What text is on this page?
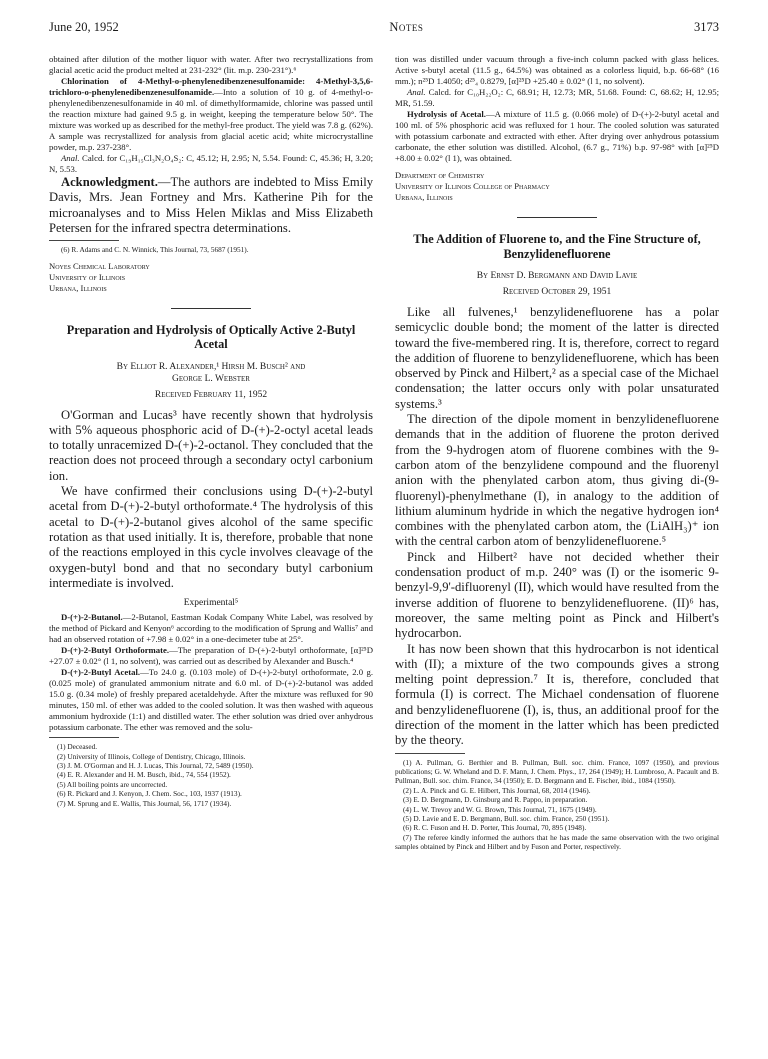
June 20, 1952	Notes	3173

obtained after dilution of the mother liquor with water. After two recrystallizations from glacial acetic acid the product melted at 231-232° (lit. m.p. 230-231°).⁶

Chlorination of 4-Methyl-o-phenylenedibenzenesulfonamide: 4-Methyl-3,5,6-trichloro-o-phenylenedibenzenesulfonamide.—Into a solution of 10 g. of 4-methyl-o-phenylenedibenzenesulfonamide in 40 ml. of dimethylformamide, chlorine was passed until the reaction mixture had gained 9.5 g. in weight, keeping the temperature below 50°. The mixture was worked up as described for the methyl-free product. The yield was 7.8 g. (62%). A sample was recrystallized for analysis from glacial acetic acid; white microcrystalline powder, m.p. 237-238°.

Anal. Calcd. for C₁₉H₁₅Cl₃N₂O₄S₂: C, 45.12; H, 2.95; N, 5.54. Found: C, 45.36; H, 3.20; N, 5.53.

Acknowledgment.—The authors are indebted to Miss Emily Davis, Mrs. Jean Fortney and Mrs. Katherine Pih for the microanalyses and to Miss Helen Miklas and Miss Elizabeth Petersen for the infrared spectra determinations.

(6) R. Adams and C. N. Winnick, This Journal, 73, 5687 (1951).

Noyes Chemical Laboratory
University of Illinois
Urbana, Illinois
Preparation and Hydrolysis of Optically Active 2-Butyl Acetal
By Elliot R. Alexander,¹ Hirsh M. Busch² and
George L. Webster
Received February 11, 1952

O'Gorman and Lucas³ have recently shown that hydrolysis with 5% aqueous phosphoric acid of D-(+)-2-octyl acetal leads to totally unracemized D-(+)-2-octanol. They concluded that the reaction does not proceed through a secondary octyl carbonium ion.

We have confirmed their conclusions using D-(+)-2-butyl acetal from D-(+)-2-butyl orthoformate.⁴ The hydrolysis of this acetal to D-(+)-2-butanol gives alcohol of the same specific rotation as that used initially. It is, therefore, probable that none of the reactions employed in this cycle involves cleavage of the oxygen-butyl bond and that no secondary butyl carbonium intermediate is involved.

Experimental⁵

D-(+)-2-Butanol.—2-Butanol, Eastman Kodak Company White Label, was resolved by the method of Pickard and Kenyon⁶ according to the modification of Sprung and Wallis⁷ and had an observed rotation of +7.98 ± 0.02° in a one-decimeter tube at 25°.

D-(+)-2-Butyl Orthoformate.—The preparation of D-(+)-2-butyl orthoformate, [α]²⁵D +27.07 ± 0.02° (l 1, no solvent), was carried out as described by Alexander and Busch.⁴

D-(+)-2-Butyl Acetal.—To 24.0 g. (0.103 mole) of D-(+)-2-butyl orthoformate, 2.0 g. (0.025 mole) of granulated ammonium nitrate and 6.0 ml. of D-(+)-2-butanol was added 15.0 g. (0.34 mole) of freshly prepared acetaldehyde. After the mixture was refluxed for 90 minutes, 150 ml. of ether was added to the cooled solution. It was then washed with aqueous ammonium hydroxide (1:1) and distilled water. The ether solution was dried over anhydrous potassium carbonate. The ether was removed and the solu-

(1) Deceased.

(2) University of Illinois, College of Dentistry, Chicago, Illinois.

(3) J. M. O'Gorman and H. J. Lucas, This Journal, 72, 5489 (1950).

(4) E. R. Alexander and H. M. Busch, ibid., 74, 554 (1952).

(5) All boiling points are uncorrected.

(6) R. Pickard and J. Kenyon, J. Chem. Soc., 103, 1937 (1913).

(7) M. Sprung and E. Wallis, This Journal, 56, 1717 (1934).

tion was distilled under vacuum through a five-inch column packed with glass helices. Active s-butyl acetal (11.5 g., 64.5%) was obtained as a colorless liquid, b.p. 66-68° (16 mm.); n²⁵D 1.4050; d²⁵₄ 0.8279, [α]²⁵D +25.40 ± 0.02° (l 1, no solvent).

Anal. Calcd. for C₁₀H₂₂O₂: C, 68.91; H, 12.73; MR, 51.68. Found: C, 68.62; H, 12.95; MR, 51.59.

Hydrolysis of Acetal.—A mixture of 11.5 g. (0.066 mole) of D-(+)-2-butyl acetal and 100 ml. of 5% phosphoric acid was refluxed for 1 hour. The cooled solution was saturated with potassium carbonate and extracted with ether. After drying over anhydrous potassium carbonate, the ether solution was distilled. Alcohol, (6.7 g., 71%) b.p. 97-98° with [α]²⁵D +8.00 ± 0.02° (l 1), was obtained.

Department of Chemistry
University of Illinois College of Pharmacy
Urbana, Illinois
The Addition of Fluorene to, and the Fine Structure of, Benzylidenefluorene
By Ernst D. Bergmann and David Lavie
Received October 29, 1951

Like all fulvenes,¹ benzylidenefluorene has a polar semicyclic double bond; the moment of the latter is directed toward the five-membered ring. It is, therefore, correct to regard the addition of fluorene to benzylidenefluorene, which has been observed by Pinck and Hilbert,² as a special case of the Michael condensation; the latter occurs only with polar unsaturated systems.³

The direction of the dipole moment in benzylidenefluorene demands that in the addition of fluorene the proton derived from the 9-hydrogen atom of fluorene combines with the 9-carbon atom of the benzylidene compound and the fluorenyl anion with the phenylated carbon atom, thus giving di-(9-fluorenyl)-phenylmethane (I), in analogy to the addition of lithium aluminum hydride in which the negative hydrogen ion⁴ combines with the phenylated carbon atom, the (LiAlH₃)⁺ ion with the central carbon atom of benzylidenefluorene.⁵

Pinck and Hilbert² have not decided whether their condensation product of m.p. 240° was (I) or the isomeric 9-benzyl-9,9'-difluorenyl (II), which would have resulted from the inverse addition of fluorene to benzylidenefluorene. (II)⁶ has, moreover, the same melting point as Pinck and Hilbert's hydrocarbon.

It has now been shown that this hydrocarbon is not identical with (II); a mixture of the two compounds gives a strong melting point depression.⁷ It is, therefore, concluded that formula (I) is correct. The Michael condensation of fluorene and benzylidenefluorene (I), is, thus, an additional proof for the direction of the moment in the latter which has been predicted by the theory.

(1) A. Pullman, G. Berthier and B. Pullman, Bull. soc. chim. France, 1097 (1950), and previous publications; G. W. Wheland and D. F. Mann, J. Chem. Phys., 17, 264 (1949); H. Lumbroso, A. Pacault and B. Pullman, Bull. soc. chim. France, 34 (1950); E. D. Bergmann and E. Fischer, ibid., 1084 (1950).

(2) L. A. Pinck and G. E. Hilbert, This Journal, 68, 2014 (1946).

(3) E. D. Bergmann, D. Ginsburg and R. Pappo, in preparation.

(4) L. W. Trevoy and W. G. Brown, This Journal, 71, 1675 (1949).

(5) D. Lavie and E. D. Bergmann, Bull. soc. chim. France, 250 (1951).

(6) R. C. Fuson and H. D. Porter, This Journal, 70, 895 (1948).

(7) The referee kindly informed the authors that he has made the same observation with the two original samples obtained by Pinck and Hilbert and by Fuson and Porter, respectively.
